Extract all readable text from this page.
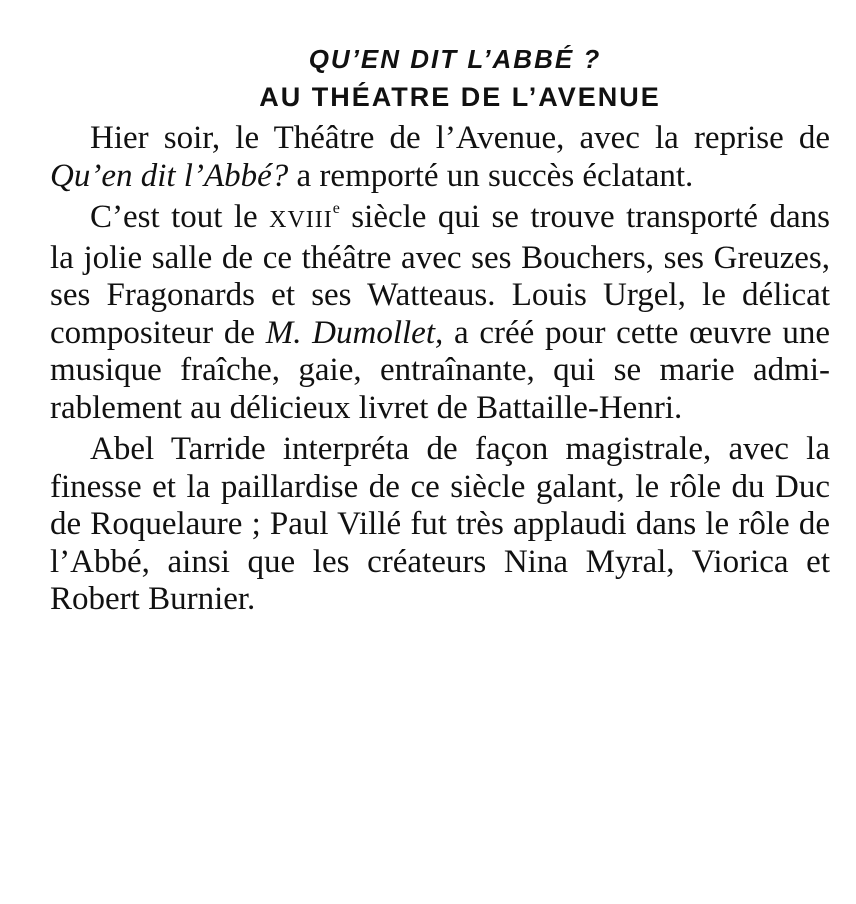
QU’EN DIT L’ABBÉ ?
AU THÉATRE DE L’AVENUE

Hier soir, le Théâtre de l’Avenue, avec la reprise de Qu’en dit l’Abbé? a remporté un succès éclatant.

C’est tout le XVIIIe siècle qui se trouve transporté dans la jolie salle de ce théâtre avec ses Bouchers, ses Greuzes, ses Fragonards et ses Watteaus. Louis Urgel, le délicat compositeur de M. Dumollet, a créé pour cette œuvre une musique fraîche, gaie, entraînante, qui se marie admirablement au délicieux livret de Battaille-Henri.

Abel Tarride interpréta de façon magistrale, avec la finesse et la paillardise de ce siècle galant, le rôle du Duc de Roquelaure ; Paul Villé fut très applaudi dans le rôle de l’Abbé, ainsi que les créateurs Nina Myral, Viorica et Robert Burnier.
